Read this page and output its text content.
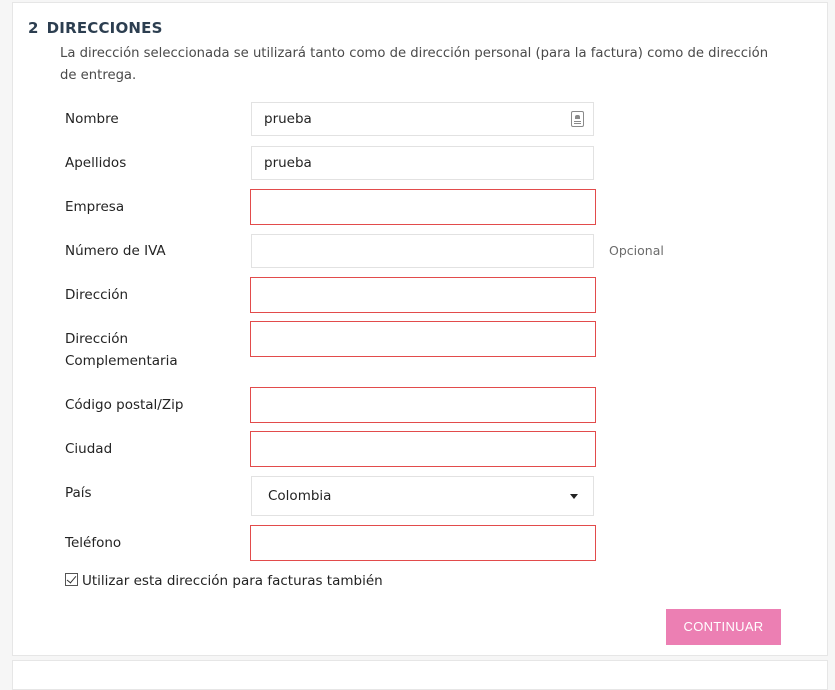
2 DIRECCIONES
La dirección seleccionada se utilizará tanto como de dirección personal (para la factura) como de dirección de entrega.
Nombre	prueba
Apellidos	prueba
Empresa
Número de IVA	Opcional
Dirección
Dirección
Complementaria
Código postal/Zip
Ciudad
País	Colombia
Teléfono
Utilizar esta dirección para facturas también
CONTINUAR
